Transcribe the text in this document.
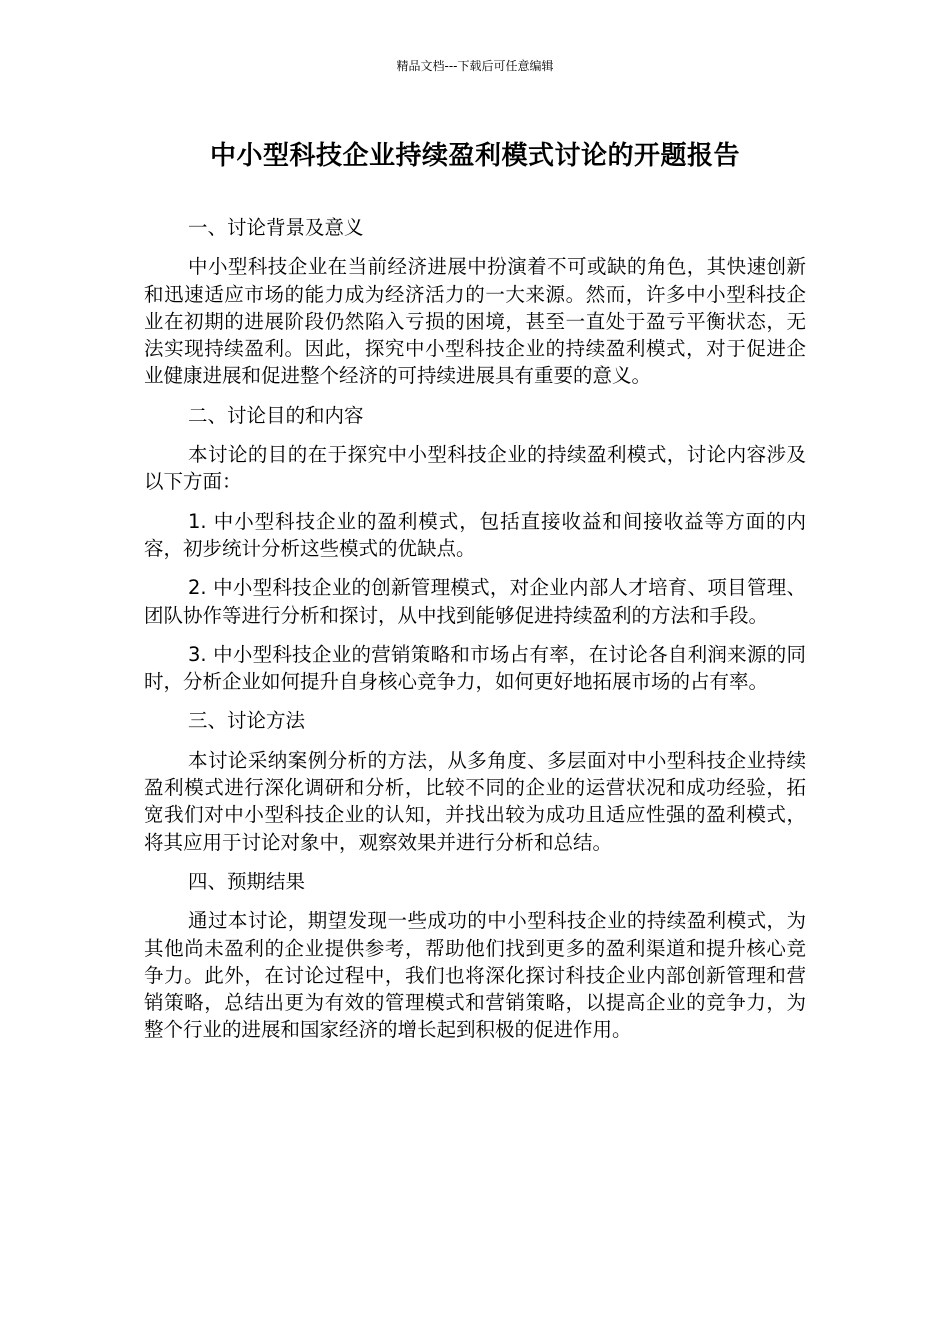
精品文档---下载后可任意编辑
中小型科技企业持续盈利模式讨论的开题报告

一、讨论背景及意义

中小型科技企业在当前经济进展中扮演着不可或缺的角色，其快速创新和迅速适应市场的能力成为经济活力的一大来源。然而，许多中小型科技企业在初期的进展阶段仍然陷入亏损的困境，甚至一直处于盈亏平衡状态，无法实现持续盈利。因此，探究中小型科技企业的持续盈利模式，对于促进企业健康进展和促进整个经济的可持续进展具有重要的意义。

二、讨论目的和内容

本讨论的目的在于探究中小型科技企业的持续盈利模式，讨论内容涉及以下方面：

1. 中小型科技企业的盈利模式，包括直接收益和间接收益等方面的内容，初步统计分析这些模式的优缺点。

2. 中小型科技企业的创新管理模式，对企业内部人才培育、项目管理、团队协作等进行分析和探讨，从中找到能够促进持续盈利的方法和手段。

3. 中小型科技企业的营销策略和市场占有率，在讨论各自利润来源的同时，分析企业如何提升自身核心竞争力，如何更好地拓展市场的占有率。

三、讨论方法

本讨论采纳案例分析的方法，从多角度、多层面对中小型科技企业持续盈利模式进行深化调研和分析，比较不同的企业的运营状况和成功经验，拓宽我们对中小型科技企业的认知，并找出较为成功且适应性强的盈利模式，将其应用于讨论对象中，观察效果并进行分析和总结。

四、预期结果

通过本讨论，期望发现一些成功的中小型科技企业的持续盈利模式，为其他尚未盈利的企业提供参考，帮助他们找到更多的盈利渠道和提升核心竞争力。此外，在讨论过程中，我们也将深化探讨科技企业内部创新管理和营销策略，总结出更为有效的管理模式和营销策略，以提高企业的竞争力，为整个行业的进展和国家经济的增长起到积极的促进作用。
